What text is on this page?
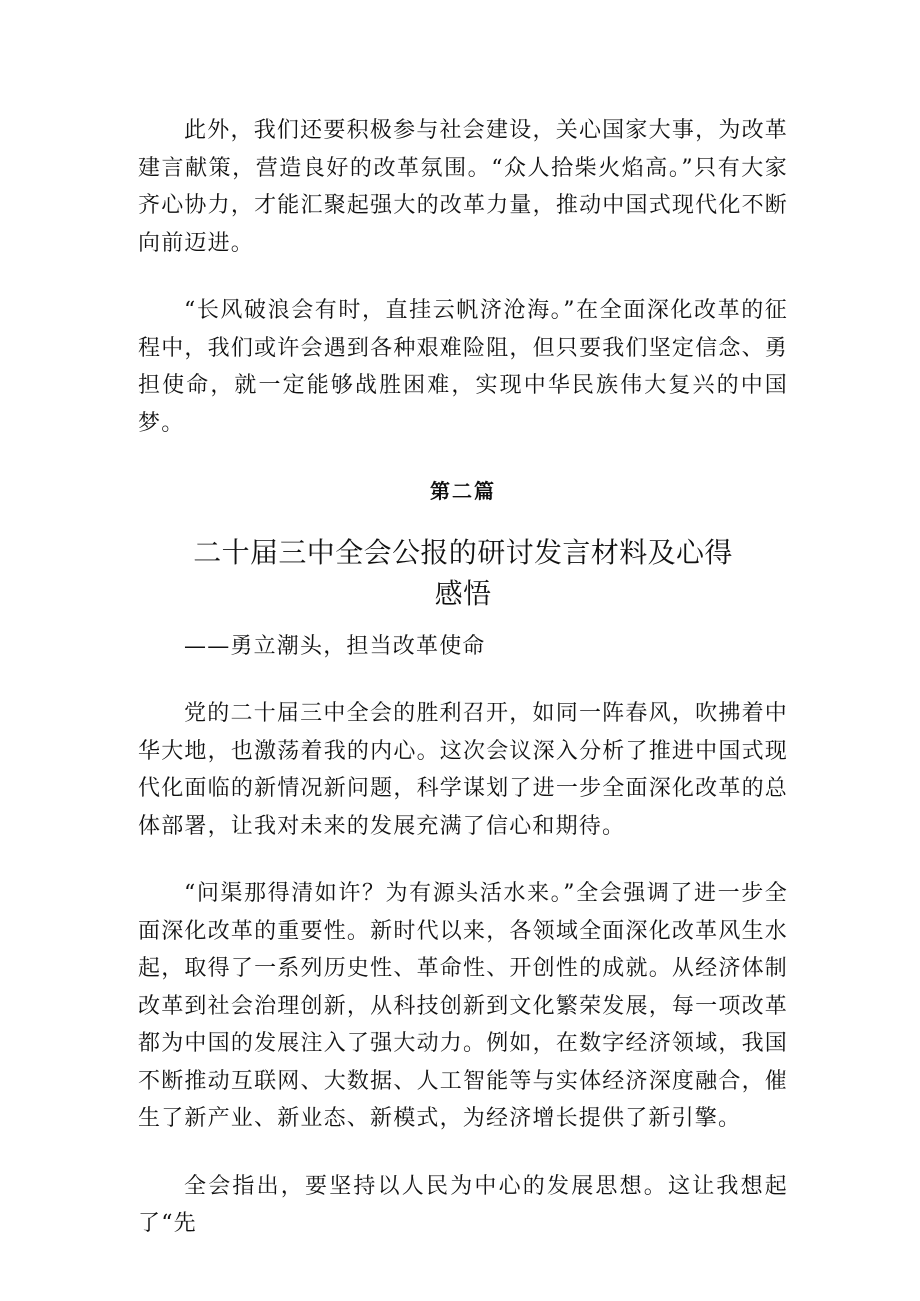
此外，我们还要积极参与社会建设，关心国家大事，为改革建言献策，营造良好的改革氛围。“众人拾柴火焰高。”只有大家齐心协力，才能汇聚起强大的改革力量，推动中国式现代化不断向前迈进。

“长风破浪会有时，直挂云帆济沧海。”在全面深化改革的征程中，我们或许会遇到各种艰难险阻，但只要我们坚定信念、勇担使命，就一定能够战胜困难，实现中华民族伟大复兴的中国梦。

第二篇
二十届三中全会公报的研讨发言材料及心得感悟
——勇立潮头，担当改革使命

党的二十届三中全会的胜利召开，如同一阵春风，吹拂着中华大地，也激荡着我的内心。这次会议深入分析了推进中国式现代化面临的新情况新问题，科学谋划了进一步全面深化改革的总体部署，让我对未来的发展充满了信心和期待。

“问渠那得清如许？为有源头活水来。”全会强调了进一步全面深化改革的重要性。新时代以来，各领域全面深化改革风生水起，取得了一系列历史性、革命性、开创性的成就。从经济体制改革到社会治理创新，从科技创新到文化繁荣发展，每一项改革都为中国的发展注入了强大动力。例如，在数字经济领域，我国不断推动互联网、大数据、人工智能等与实体经济深度融合，催生了新产业、新业态、新模式，为经济增长提供了新引擎。

全会指出，要坚持以人民为中心的发展思想。这让我想起了“先
